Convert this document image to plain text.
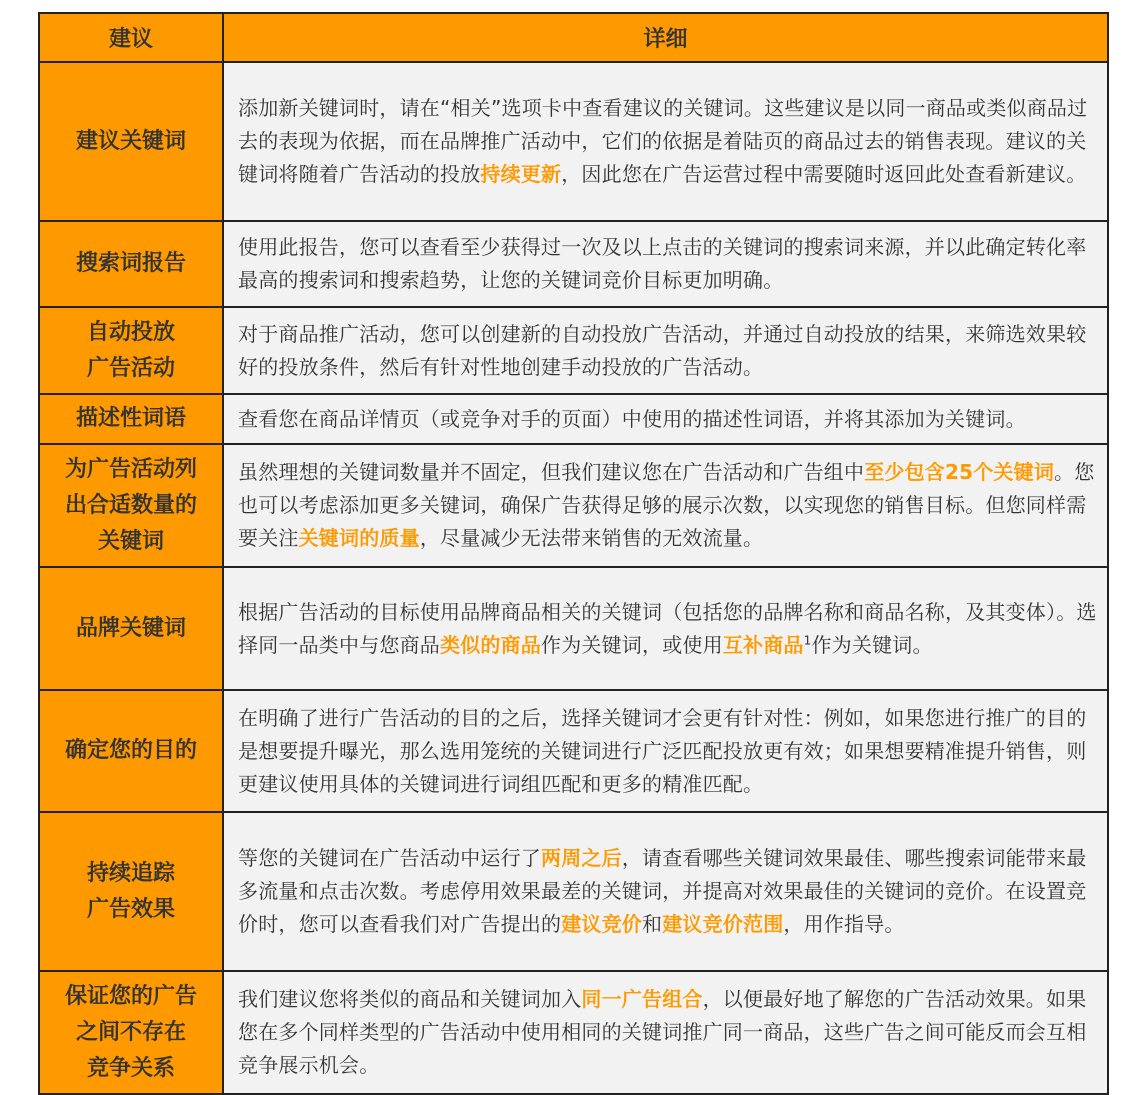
建议	详细

建议关键词	添加新关键词时，请在“相关”选项卡中查看建议的关键词。这些建议是以同一商品或类似商品过去的表现为依据，而在品牌推广活动中，它们的依据是着陆页的商品过去的销售表现。建议的关键词将随着广告活动的投放持续更新，因此您在广告运营过程中需要随时返回此处查看新建议。

搜索词报告	使用此报告，您可以查看至少获得过一次及以上点击的关键词的搜索词来源，并以此确定转化率最高的搜索词和搜索趋势，让您的关键词竞价目标更加明确。

自动投放
广告活动	对于商品推广活动，您可以创建新的自动投放广告活动，并通过自动投放的结果，来筛选效果较好的投放条件，然后有针对性地创建手动投放的广告活动。

描述性词语	查看您在商品详情页（或竞争对手的页面）中使用的描述性词语，并将其添加为关键词。

为广告活动列
出合适数量的
关键词	虽然理想的关键词数量并不固定，但我们建议您在广告活动和广告组中至少包含25个关键词。您也可以考虑添加更多关键词，确保广告获得足够的展示次数，以实现您的销售目标。但您同样需要关注关键词的质量，尽量减少无法带来销售的无效流量。

品牌关键词	根据广告活动的目标使用品牌商品相关的关键词（包括您的品牌名称和商品名称，及其变体）。选择同一品类中与您商品类似的商品作为关键词，或使用互补商品$^1$作为关键词。

确定您的目的	在明确了进行广告活动的目的之后，选择关键词才会更有针对性：例如，如果您进行推广的目的是想要提升曝光，那么选用笼统的关键词进行广泛匹配投放更有效；如果想要精准提升销售，则更建议使用具体的关键词进行词组匹配和更多的精准匹配。

持续追踪
广告效果	等您的关键词在广告活动中运行了两周之后，请查看哪些关键词效果最佳、哪些搜索词能带来最多流量和点击次数。考虑停用效果最差的关键词，并提高对效果最佳的关键词的竞价。在设置竞价时，您可以查看我们对广告提出的建议竞价和建议竞价范围，用作指导。

保证您的广告
之间不存在
竞争关系	我们建议您将类似的商品和关键词加入同一广告组合，以便最好地了解您的广告活动效果。如果您在多个同样类型的广告活动中使用相同的关键词推广同一商品，这些广告之间可能反而会互相竞争展示机会。
